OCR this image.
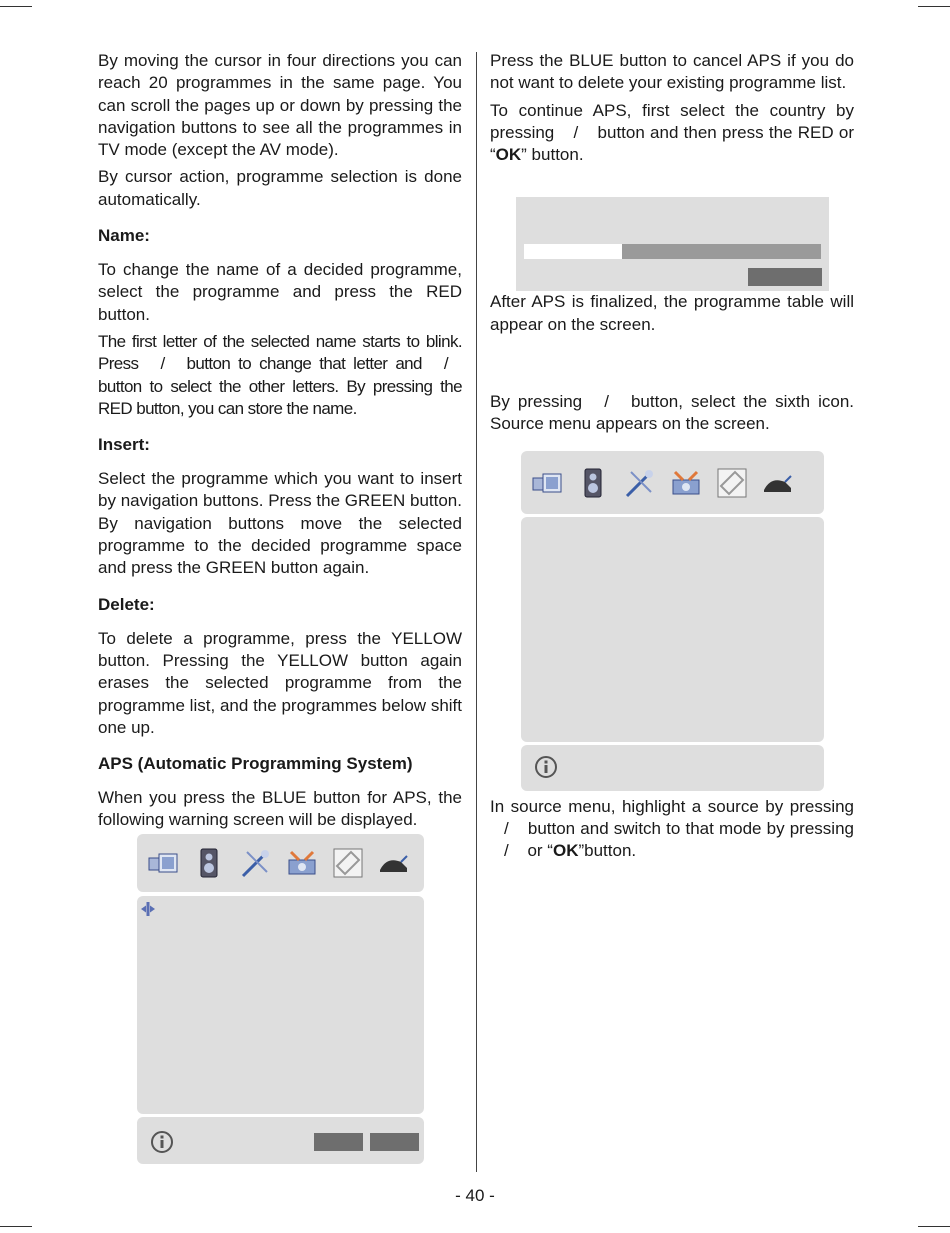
By moving the cursor in four directions you can reach 20 programmes in the same page. You can scroll the pages up or down by pressing the navigation buttons to see all the programmes in TV mode (except the AV mode).

By cursor action, programme selection is done automatically.

Name:

To change the name of a decided programme, select the programme and press the RED button.

The first letter of the selected name starts to blink. Press / button to change that letter and / button to select the other letters. By pressing the RED button, you can store the name.

Insert:

Select the programme which you want to insert by navigation buttons. Press the GREEN button. By navigation buttons move the selected programme to the decided programme space and press the GREEN button again.

Delete:

To delete a programme, press the YELLOW button. Pressing the YELLOW button again erases the selected programme from the programme list, and the programmes below shift one up.

APS (Automatic Programming System)

When you press the BLUE button for APS, the following warning screen will be displayed.

Press the BLUE button to cancel APS if you do not want to delete your existing programme list.

To continue APS, first select the country by pressing / button and then press the RED or “OK” button.

After APS is finalized, the programme table will appear on the screen.

By pressing / button, select the sixth icon. Source menu appears on the screen.

In source menu, highlight a source by pressing / button and switch to that mode by pressing / or “OK”button.

- 40 -
